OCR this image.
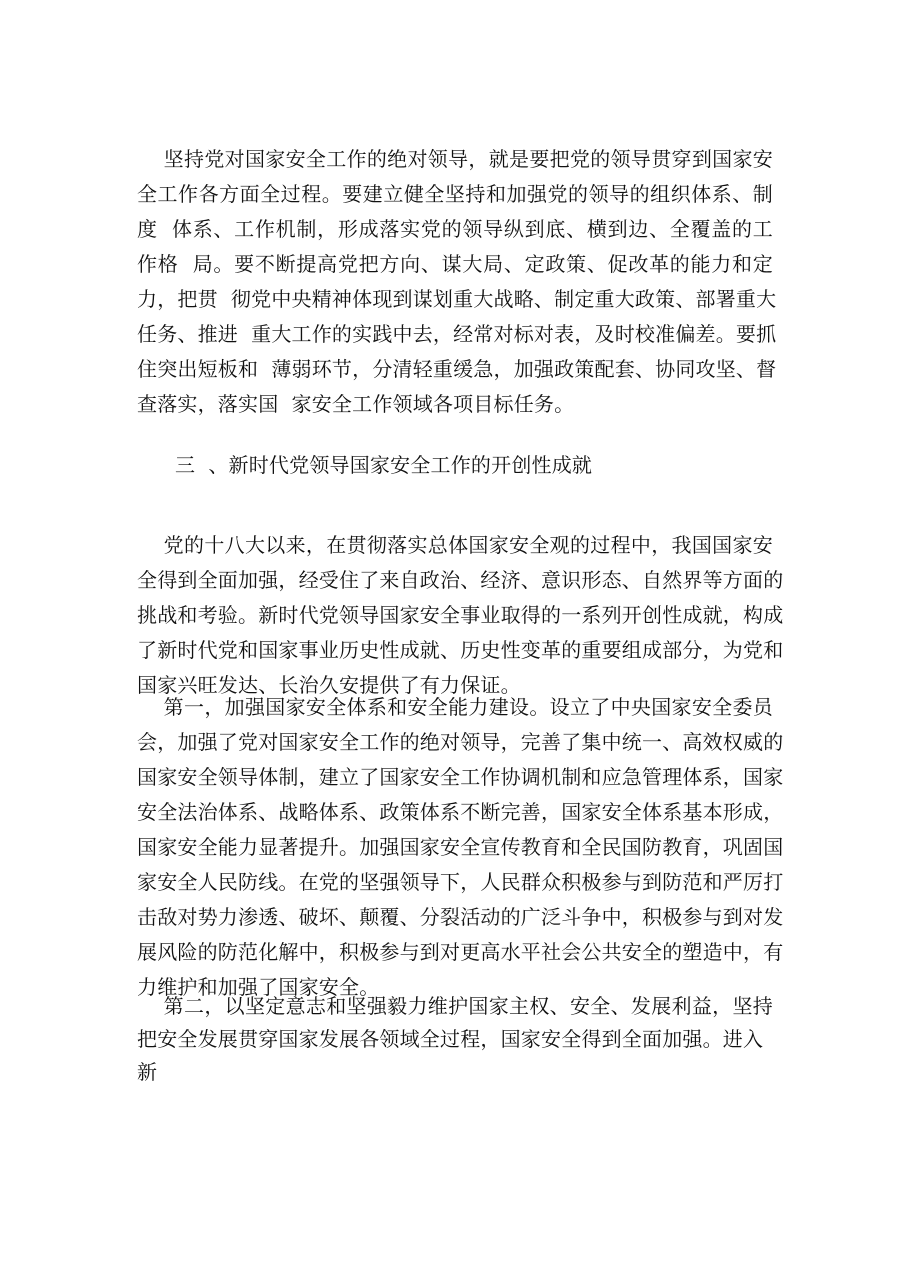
坚持党对国家安全工作的绝对领导，就是要把党的领导贯穿到国家安
全工作各方面全过程。要建立健全坚持和加强党的领导的组织体系、制
度  体系、工作机制，形成落实党的领导纵到底、横到边、全覆盖的工
作格  局。要不断提高党把方向、谋大局、定政策、促改革的能力和定
力，把贯  彻党中央精神体现到谋划重大战略、制定重大政策、部署重大
任务、推进  重大工作的实践中去，经常对标对表，及时校准偏差。要抓
住突出短板和  薄弱环节，分清轻重缓急，加强政策配套、协同攻坚、督
查落实，落实国  家安全工作领域各项目标任务。
三  、新时代党领导国家安全工作的开创性成就
党的十八大以来，在贯彻落实总体国家安全观的过程中，我国国家安
全得到全面加强，经受住了来自政治、经济、意识形态、自然界等方面的
挑战和考验。新时代党领导国家安全事业取得的一系列开创性成就，构成
了新时代党和国家事业历史性成就、历史性变革的重要组成部分，为党和
国家兴旺发达、长治久安提供了有力保证。
第一，加强国家安全体系和安全能力建设。设立了中央国家安全委员
会，加强了党对国家安全工作的绝对领导，完善了集中统一、高效权威的
国家安全领导体制，建立了国家安全工作协调机制和应急管理体系，国家
安全法治体系、战略体系、政策体系不断完善，国家安全体系基本形成，
国家安全能力显著提升。加强国家安全宣传教育和全民国防教育，巩固国
家安全人民防线。在党的坚强领导下，人民群众积极参与到防范和严厉打
击敌对势力渗透、破坏、颠覆、分裂活动的广泛斗争中，积极参与到对发
展风险的防范化解中，积极参与到对更高水平社会公共安全的塑造中，有
力维护和加强了国家安全。
第二，以坚定意志和坚强毅力维护国家主权、安全、发展利益，坚持
把安全发展贯穿国家发展各领域全过程，国家安全得到全面加强。进入
新
